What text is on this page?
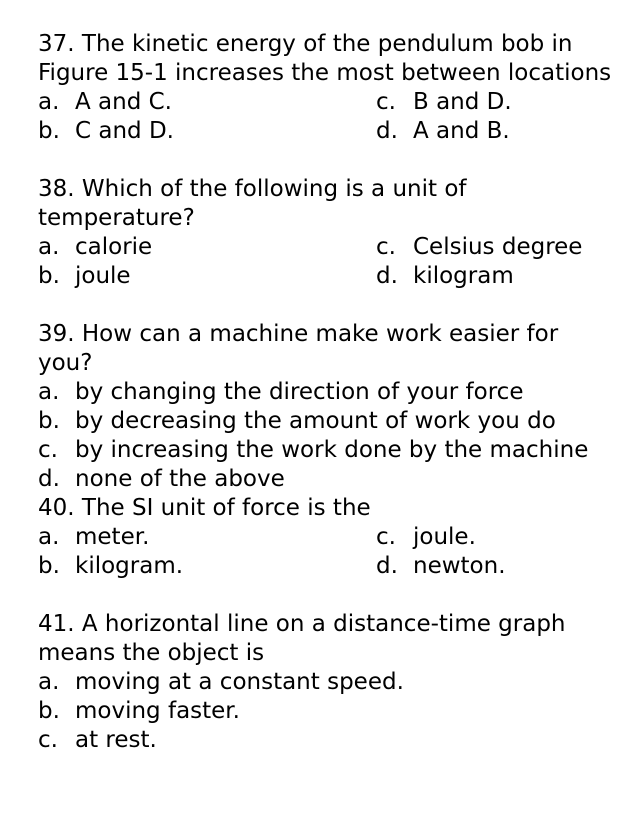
37. The kinetic energy of the pendulum bob in Figure 15-1 increases the most between locations
a. A and C.	c. B and D.
b. C and D.	d. A and B.
38. Which of the following is a unit of temperature?
a. calorie	c. Celsius degree
b. joule	d. kilogram
39. How can a machine make work easier for you?
a. by changing the direction of your force
b. by decreasing the amount of work you do
c. by increasing the work done by the machine
d. none of the above
40. The SI unit of force is the
a. meter.	c. joule.
b. kilogram.	d. newton.
41. A horizontal line on a distance-time graph means the object is
a. moving at a constant speed.
b. moving faster.
c. at rest.
